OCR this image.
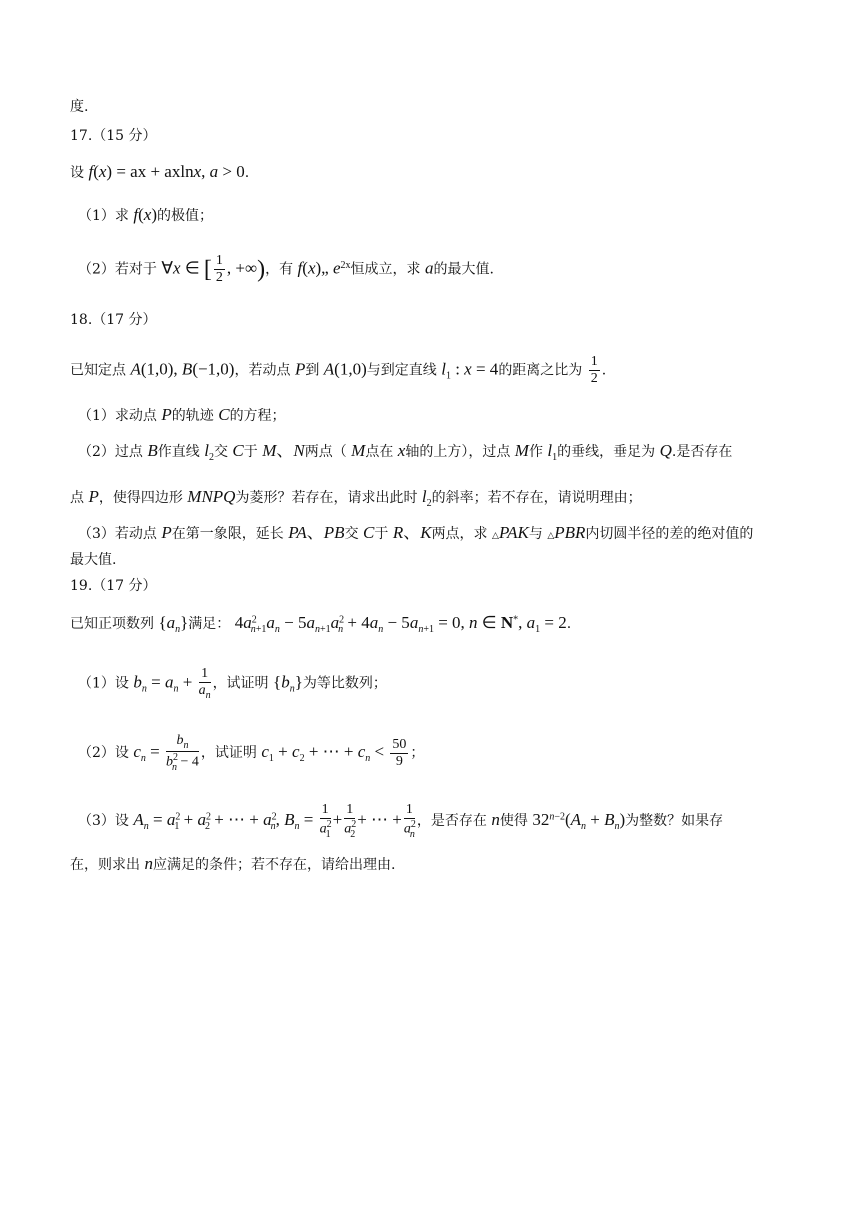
度.
17.（15 分）
设 f(x) = ax + axlnx, a > 0.
（1）求 f(x)的极值；
（2）若对于 ∀x ∈ [ $\frac{1}{2}$ , +∞)，有 f(x)„ $e^{2x}$恒成立，求 a的最大值.
18.（17 分）
已知定点 A(1,0), B(−1,0)，若动点 P到 A(1,0)与到定直线 $l_1$ : x = 4的距离之比为 $\frac{1}{2}$ .
（1）求动点 P的轨迹 C的方程；
（2）过点 B作直线 $l_2$交 C于 M、N两点（ M点在 x轴的上方），过点 M作 $l_1$的垂线，垂足为 Q.是否存在
点 P，使得四边形 MNPQ为菱形？若存在，请求出此时 $l_2$的斜率；若不存在，请说明理由；
（3）若动点 P在第一象限，延长 PA、PB交 C于 R、K两点，求 △PAK与 △PBR内切圆半径的差的绝对值的
最大值.
19.（17 分）
已知正项数列 $\{a_n\}$满足： $4a^2_{n+1}a_n - 5a_{n+1}a^2_n + 4a_n - 5a_{n+1} = 0$, n ∈ N*, $a_1 = 2$.
（1）设 $b_n = a_n + \frac{1}{a_n}$ ，试证明 $\{b_n\}$为等比数列；
（2）设 $c_n = \frac{b_n}{b^2_n - 4}$ ，试证明 $c_1 + c_2$ + ⋯ + $c_n < \frac{50}{9}$ ；
（3）设 $A_n = a^2_1 + a^2_2$ + ⋯ + $a^2_n$, $B_n = \frac{1}{a^2_1} + \frac{1}{a^2_2}$ + ⋯ + $\frac{1}{a^2_n}$ ，是否存在 n使得 $32^{n-2}(A_n + B_n)$为整数？如果存
在，则求出 n应满足的条件；若不存在，请给出理由.
